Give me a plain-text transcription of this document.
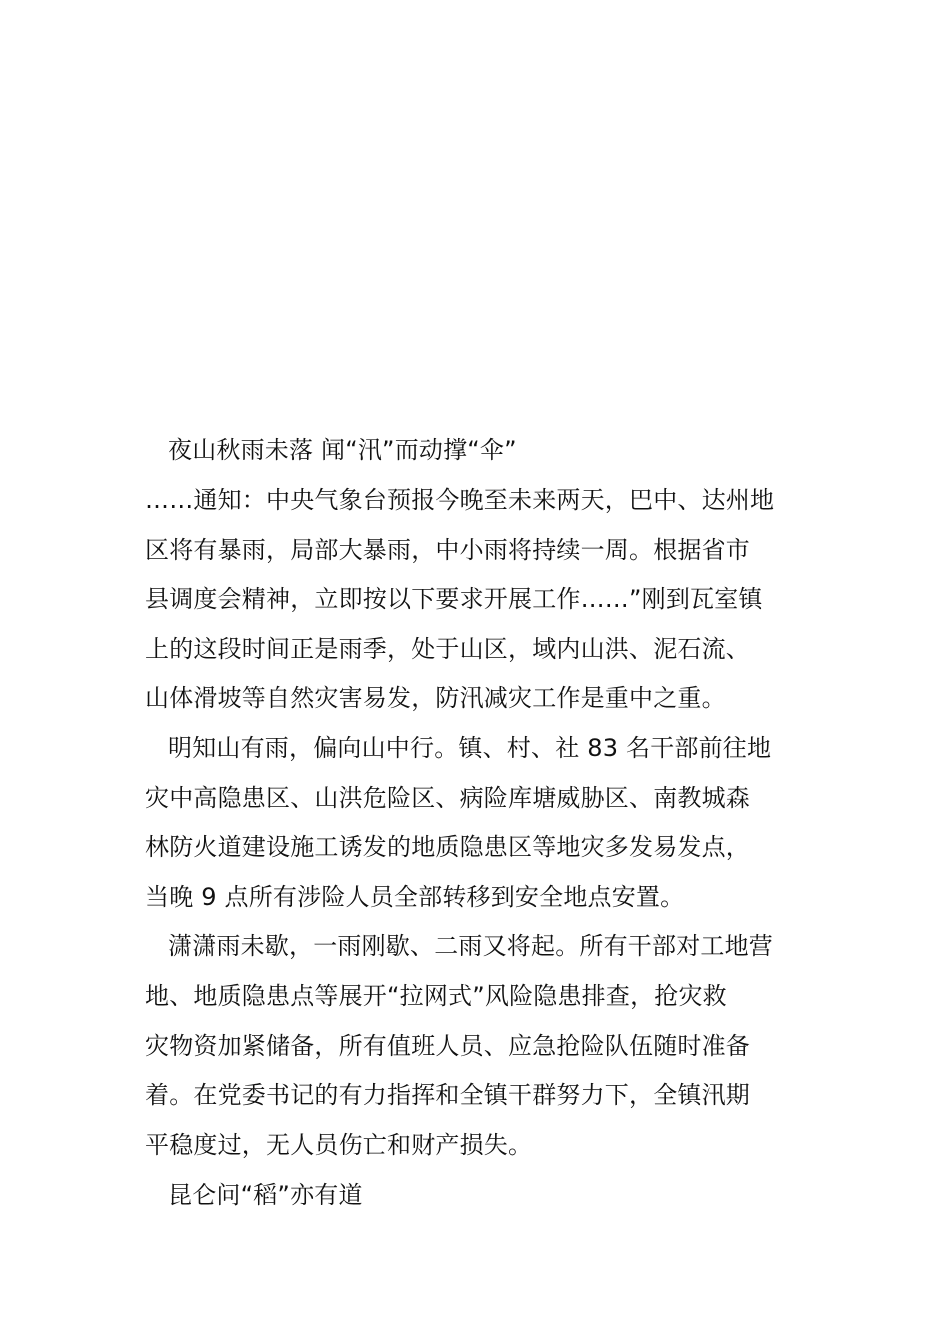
夜山秋雨未落 闻“汛”而动撑“伞”
……通知：中央气象台预报今晚至未来两天，巴中、达州地
区将有暴雨，局部大暴雨，中小雨将持续一周。根据省市
县调度会精神，立即按以下要求开展工作……”刚到瓦室镇
上的这段时间正是雨季，处于山区，域内山洪、泥石流、
山体滑坡等自然灾害易发，防汛减灾工作是重中之重。
明知山有雨，偏向山中行。镇、村、社 83 名干部前往地
灾中高隐患区、山洪危险区、病险库塘威胁区、南教城森
林防火道建设施工诱发的地质隐患区等地灾多发易发点，
当晚 9 点所有涉险人员全部转移到安全地点安置。
潇潇雨未歇，一雨刚歇、二雨又将起。所有干部对工地营
地、地质隐患点等展开“拉网式”风险隐患排查，抢灾救
灾物资加紧储备，所有值班人员、应急抢险队伍随时准备
着。在党委书记的有力指挥和全镇干群努力下，全镇汛期
平稳度过，无人员伤亡和财产损失。
昆仑问“稻”亦有道
